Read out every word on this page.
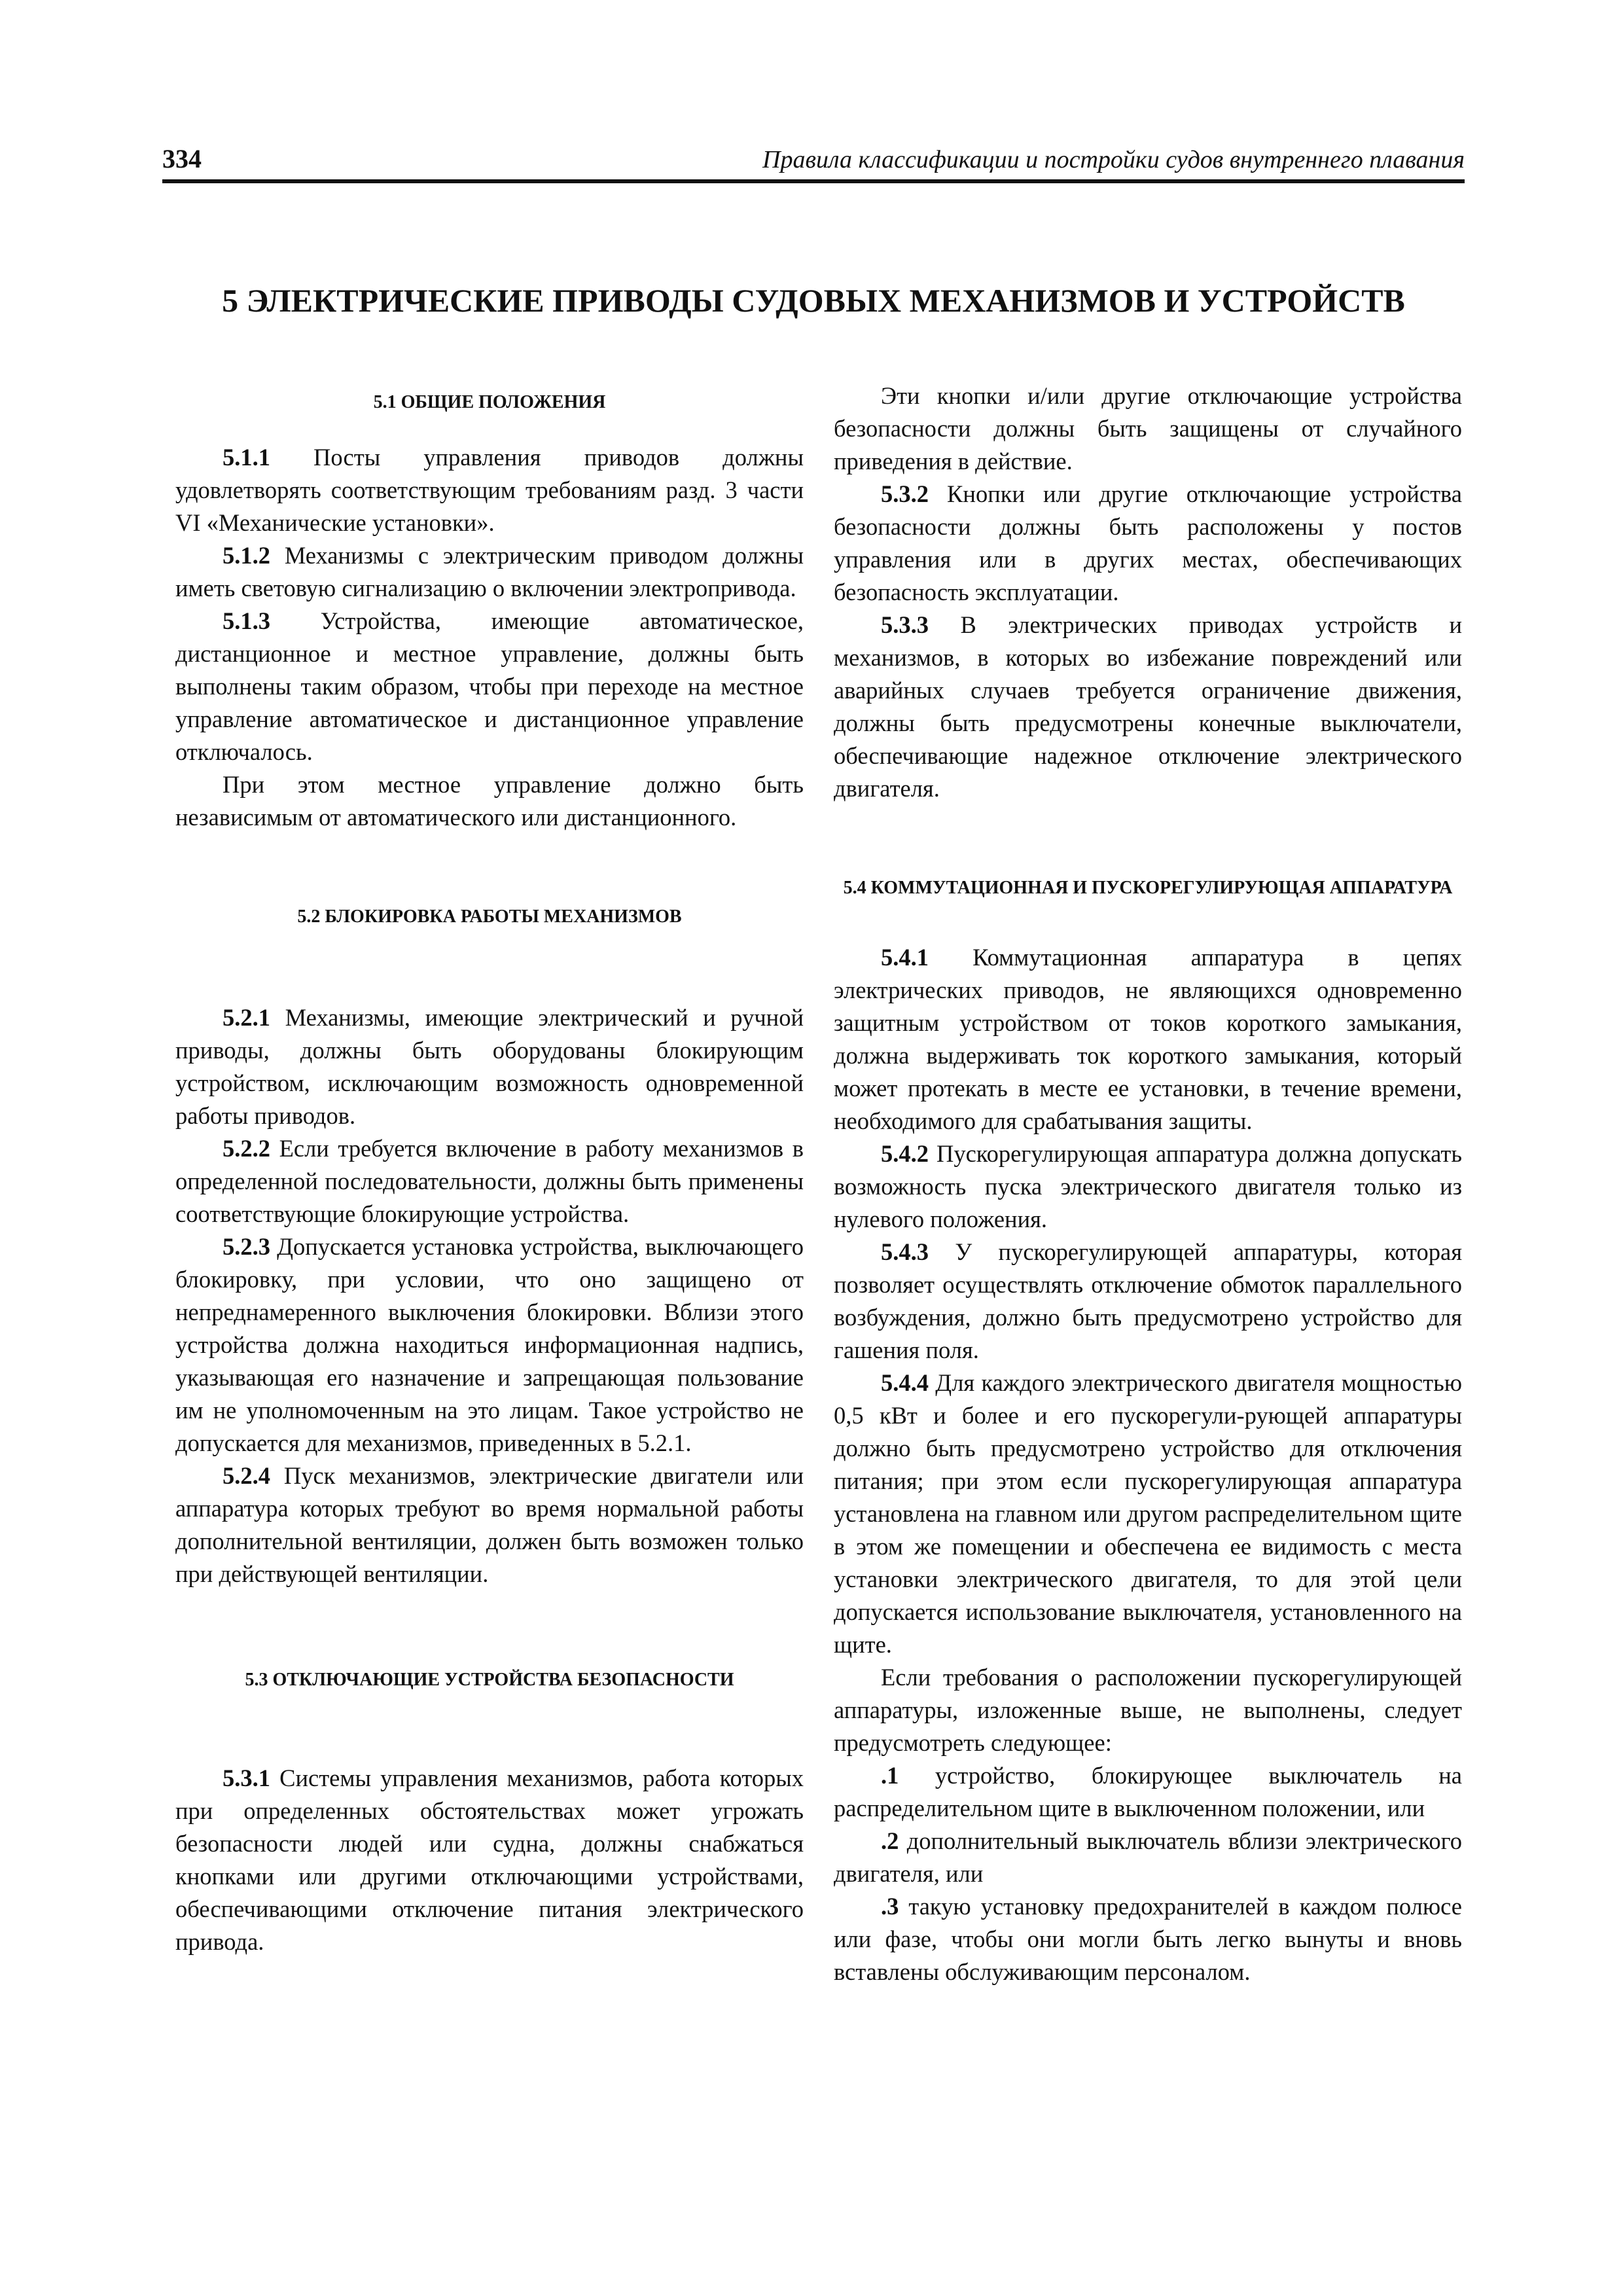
334	Правила классификации и постройки судов внутреннего плавания
5 ЭЛЕКТРИЧЕСКИЕ ПРИВОДЫ СУДОВЫХ МЕХАНИЗМОВ И УСТРОЙСТВ
5.1 ОБЩИЕ ПОЛОЖЕНИЯ

5.1.1 Посты управления приводов должны удовлетворять соответствующим требованиям разд. 3 части VI «Механические установки».

5.1.2 Механизмы с электрическим приводом должны иметь световую сигнализацию о включении электропривода.

5.1.3 Устройства, имеющие автоматическое, дистанционное и местное управление, должны быть выполнены таким образом, чтобы при переходе на местное управление автоматическое и дистанционное управление отключалось.

При этом местное управление должно быть независимым от автоматического или дистанционного.

5.2 БЛОКИРОВКА РАБОТЫ МЕХАНИЗМОВ

5.2.1 Механизмы, имеющие электрический и ручной приводы, должны быть оборудованы блокирующим устройством, исключающим возможность одновременной работы приводов.

5.2.2 Если требуется включение в работу механизмов в определенной последовательности, должны быть применены соответствующие блокирующие устройства.

5.2.3 Допускается установка устройства, выключающего блокировку, при условии, что оно защищено от непреднамеренного выключения блокировки. Вблизи этого устройства должна находиться информационная надпись, указывающая его назначение и запрещающая пользование им не уполномоченным на это лицам. Такое устройство не допускается для механизмов, приведенных в 5.2.1.

5.2.4 Пуск механизмов, электрические двигатели или аппаратура которых требуют во время нормальной работы дополнительной вентиляции, должен быть возможен только при действующей вентиляции.

5.3 ОТКЛЮЧАЮЩИЕ УСТРОЙСТВА БЕЗОПАСНОСТИ

5.3.1 Системы управления механизмов, работа которых при определенных обстоятельствах может угрожать безопасности людей или судна, должны снабжаться кнопками или другими отключающими устройствами, обеспечивающими отключение питания электрического привода.

Эти кнопки и/или другие отключающие устройства безопасности должны быть защищены от случайного приведения в действие.

5.3.2 Кнопки или другие отключающие устройства безопасности должны быть расположены у постов управления или в других местах, обеспечивающих безопасность эксплуатации.

5.3.3 В электрических приводах устройств и механизмов, в которых во избежание повреждений или аварийных случаев требуется ограничение движения, должны быть предусмотрены конечные выключатели, обеспечивающие надежное отключение электрического двигателя.

5.4 КОММУТАЦИОННАЯ И ПУСКОРЕГУЛИРУЮЩАЯ АППАРАТУРА

5.4.1 Коммутационная аппаратура в цепях электрических приводов, не являющихся одновременно защитным устройством от токов короткого замыкания, должна выдерживать ток короткого замыкания, который может протекать в месте ее установки, в течение времени, необходимого для срабатывания защиты.

5.4.2 Пускорегулирующая аппаратура должна допускать возможность пуска электрического двигателя только из нулевого положения.

5.4.3 У пускорегулирующей аппаратуры, которая позволяет осуществлять отключение обмоток параллельного возбуждения, должно быть предусмотрено устройство для гашения поля.

5.4.4 Для каждого электрического двигателя мощностью 0,5 кВт и более и его пускорегули-рующей аппаратуры должно быть предусмотрено устройство для отключения питания; при этом если пускорегулирующая аппаратура установлена на главном или другом распределительном щите в этом же помещении и обеспечена ее видимость с места установки электрического двигателя, то для этой цели допускается использование выключателя, установленного на щите.

Если требования о расположении пускорегулирующей аппаратуры, изложенные выше, не выполнены, следует предусмотреть следующее:

.1 устройство, блокирующее выключатель на распределительном щите в выключенном положении, или

.2 дополнительный выключатель вблизи электрического двигателя, или

.3 такую установку предохранителей в каждом полюсе или фазе, чтобы они могли быть легко вынуты и вновь вставлены обслуживающим персоналом.
